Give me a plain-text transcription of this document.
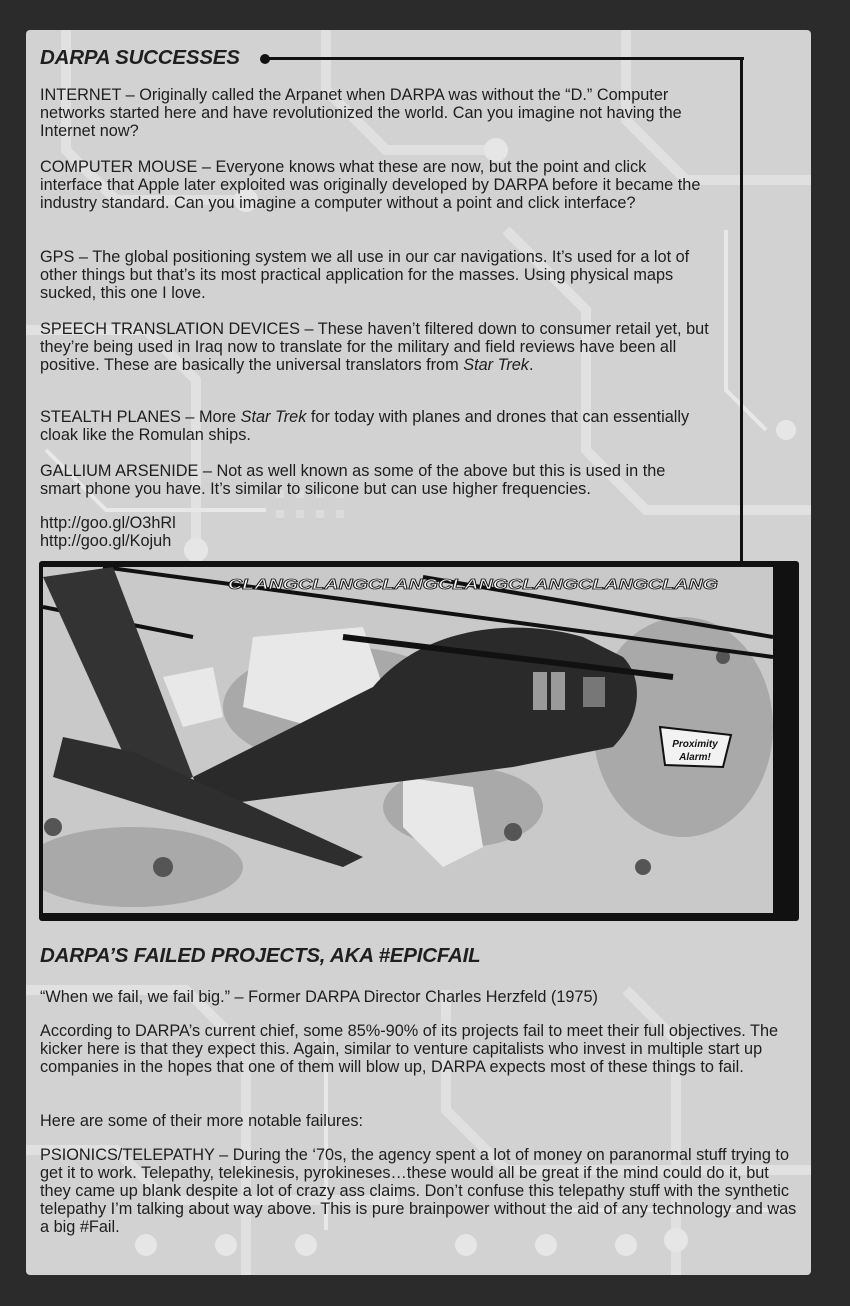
DARPA SUCCESSES

INTERNET – Originally called the Arpanet when DARPA was without the “D.” Computer networks started here and have revolutionized the world. Can you imagine not having the Internet now?

COMPUTER MOUSE – Everyone knows what these are now, but the point and click interface that Apple later exploited was originally developed by DARPA before it became the industry standard. Can you imagine a computer without a point and click interface?

GPS – The global positioning system we all use in our car navigations. It’s used for a lot of other things but that’s its most practical application for the masses. Using physical maps sucked, this one I love.

SPEECH TRANSLATION DEVICES – These haven’t filtered down to consumer retail yet, but they’re being used in Iraq now to translate for the military and field reviews have been all positive. These are basically the universal translators from Star Trek.

STEALTH PLANES – More Star Trek for today with planes and drones that can essentially cloak like the Romulan ships.

GALLIUM ARSENIDE – Not as well known as some of the above but this is used in the smart phone you have. It’s similar to silicone but can use higher frequencies.

http://goo.gl/O3hRl
http://goo.gl/Kojuh

Proximity
Alarm!
CLANGCLANGCLANGCLANGCLANGCLANGCLANG
DARPA’S FAILED PROJECTS, AKA #EPICFAIL

“When we fail, we fail big.” – Former DARPA Director Charles Herzfeld (1975)

According to DARPA’s current chief, some 85%-90% of its projects fail to meet their full objectives. The kicker here is that they expect this. Again, similar to venture capitalists who invest in multiple start up companies in the hopes that one of them will blow up, DARPA expects most of these things to fail.

Here are some of their more notable failures:

PSIONICS/TELEPATHY – During the ‘70s, the agency spent a lot of money on paranormal stuff trying to get it to work. Telepathy, telekinesis, pyrokineses…these would all be great if the mind could do it, but they came up blank despite a lot of crazy ass claims. Don’t confuse this telepathy stuff with the synthetic telepathy I’m talking about way above. This is pure brainpower without the aid of any technology and was a big #Fail.
